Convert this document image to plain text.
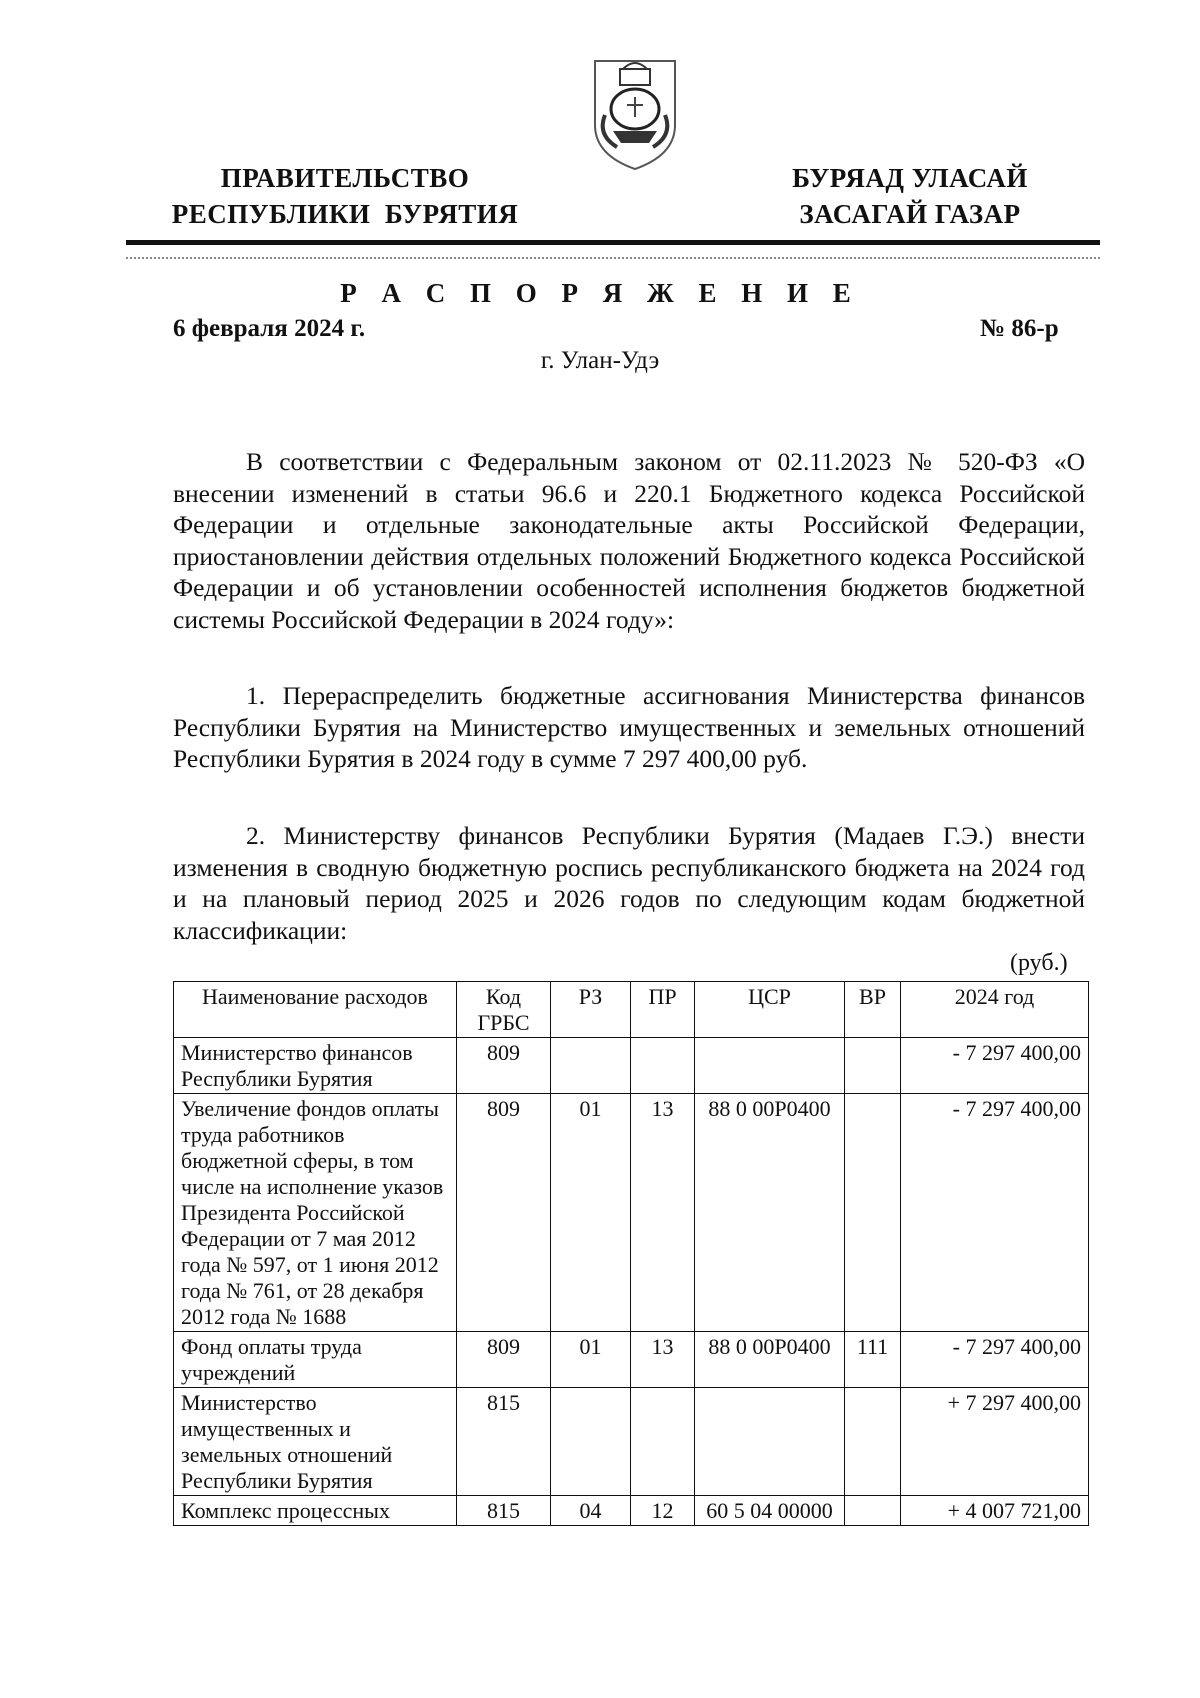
ПРАВИТЕЛЬСТВО
РЕСПУБЛИКИ  БУРЯТИЯ
БУРЯАД УЛАСАЙ
ЗАСАГАЙ ГАЗАР
Р А С П О Р Я Ж Е Н И Е
6 февраля 2024 г.	№ 86-р
г. Улан-Удэ

В соответствии с Федеральным законом от 02.11.2023 № 520-ФЗ «О внесении изменений в статьи 96.6 и 220.1 Бюджетного кодекса Российской Федерации и отдельные законодательные акты Российской Федерации, приостановлении действия отдельных положений Бюджетного кодекса Российской Федерации и об установлении особенностей исполнения бюджетов бюджетной системы Российской Федерации в 2024 году»:

1. Перераспределить бюджетные ассигнования Министерства финансов Республики Бурятия на Министерство имущественных и земельных отношений Республики Бурятия в 2024 году в сумме 7 297 400,00 руб.

2. Министерству финансов Республики Бурятия (Мадаев Г.Э.) внести изменения в сводную бюджетную роспись республиканского бюджета на 2024 год и на плановый период 2025 и 2026 годов по следующим кодам бюджетной классификации:

(руб.)
Наименование расходов	Код ГРБС	РЗ	ПР	ЦСР	ВР	2024 год
Министерство финансов Республики Бурятия	809					- 7 297 400,00
Увеличение фондов оплаты труда работников бюджетной сферы, в том числе на исполнение указов Президента Российской Федерации от 7 мая 2012 года № 597, от 1 июня 2012 года № 761, от 28 декабря 2012 года № 1688	809	01	13	88 0 00Р0400		- 7 297 400,00
Фонд оплаты труда учреждений	809	01	13	88 0 00Р0400	111	- 7 297 400,00
Министерство имущественных и земельных отношений Республики Бурятия	815					+ 7 297 400,00
Комплекс процессных	815	04	12	60 5 04 00000		+ 4 007 721,00
